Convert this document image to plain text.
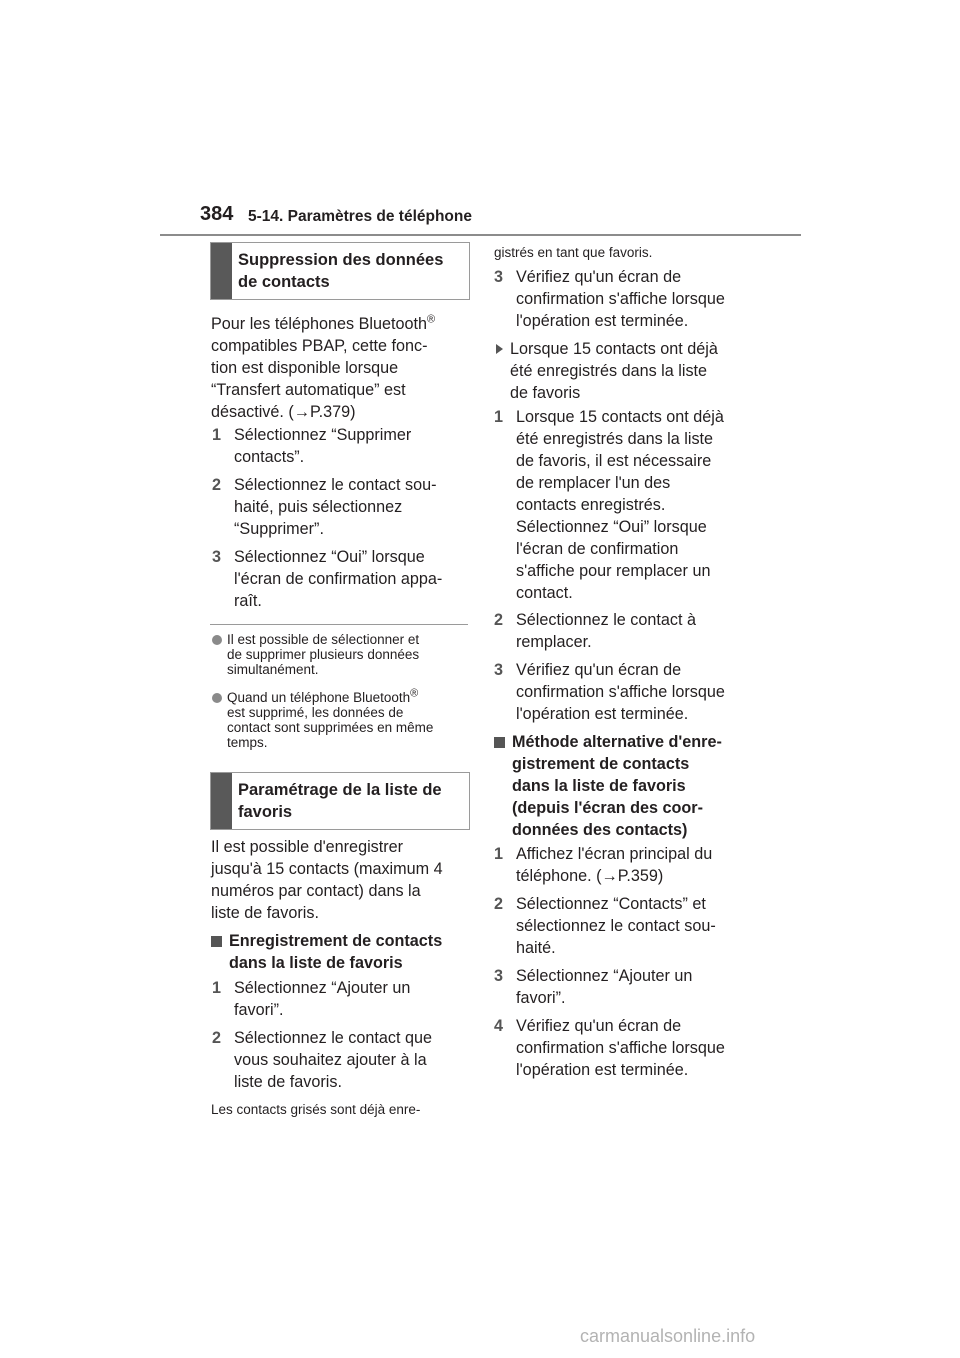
384 5-14. Paramètres de téléphone
Suppression des données de contacts
Pour les téléphones Bluetooth®
compatibles PBAP, cette fonc-
tion est disponible lorsque
“Transfert automatique” est
désactivé. (→P.379)
1 Sélectionnez “Supprimer
contacts”.
2 Sélectionnez le contact sou-
haité, puis sélectionnez
“Supprimer”.
3 Sélectionnez “Oui” lorsque
l'écran de confirmation appa-
raît.
Il est possible de sélectionner et
de supprimer plusieurs données
simultanément.
Quand un téléphone Bluetooth®
est supprimé, les données de
contact sont supprimées en même
temps.
Paramétrage de la liste de favoris
Il est possible d'enregistrer
jusqu'à 15 contacts (maximum 4
numéros par contact) dans la
liste de favoris.
Enregistrement de contacts
dans la liste de favoris
1 Sélectionnez “Ajouter un
favori”.
2 Sélectionnez le contact que
vous souhaitez ajouter à la
liste de favoris.
Les contacts grisés sont déjà enre-
gistrés en tant que favoris.
3 Vérifiez qu'un écran de
confirmation s'affiche lorsque
l'opération est terminée.
Lorsque 15 contacts ont déjà
été enregistrés dans la liste
de favoris
1 Lorsque 15 contacts ont déjà
été enregistrés dans la liste
de favoris, il est nécessaire
de remplacer l'un des
contacts enregistrés.
Sélectionnez “Oui” lorsque
l'écran de confirmation
s'affiche pour remplacer un
contact.
2 Sélectionnez le contact à
remplacer.
3 Vérifiez qu'un écran de
confirmation s'affiche lorsque
l'opération est terminée.
Méthode alternative d'enre-
gistrement de contacts
dans la liste de favoris
(depuis l'écran des coor-
données des contacts)
1 Affichez l'écran principal du
téléphone. (→P.359)
2 Sélectionnez “Contacts” et
sélectionnez le contact sou-
haité.
3 Sélectionnez “Ajouter un
favori”.
4 Vérifiez qu'un écran de
confirmation s'affiche lorsque
l'opération est terminée.
carmanualsonline.info
